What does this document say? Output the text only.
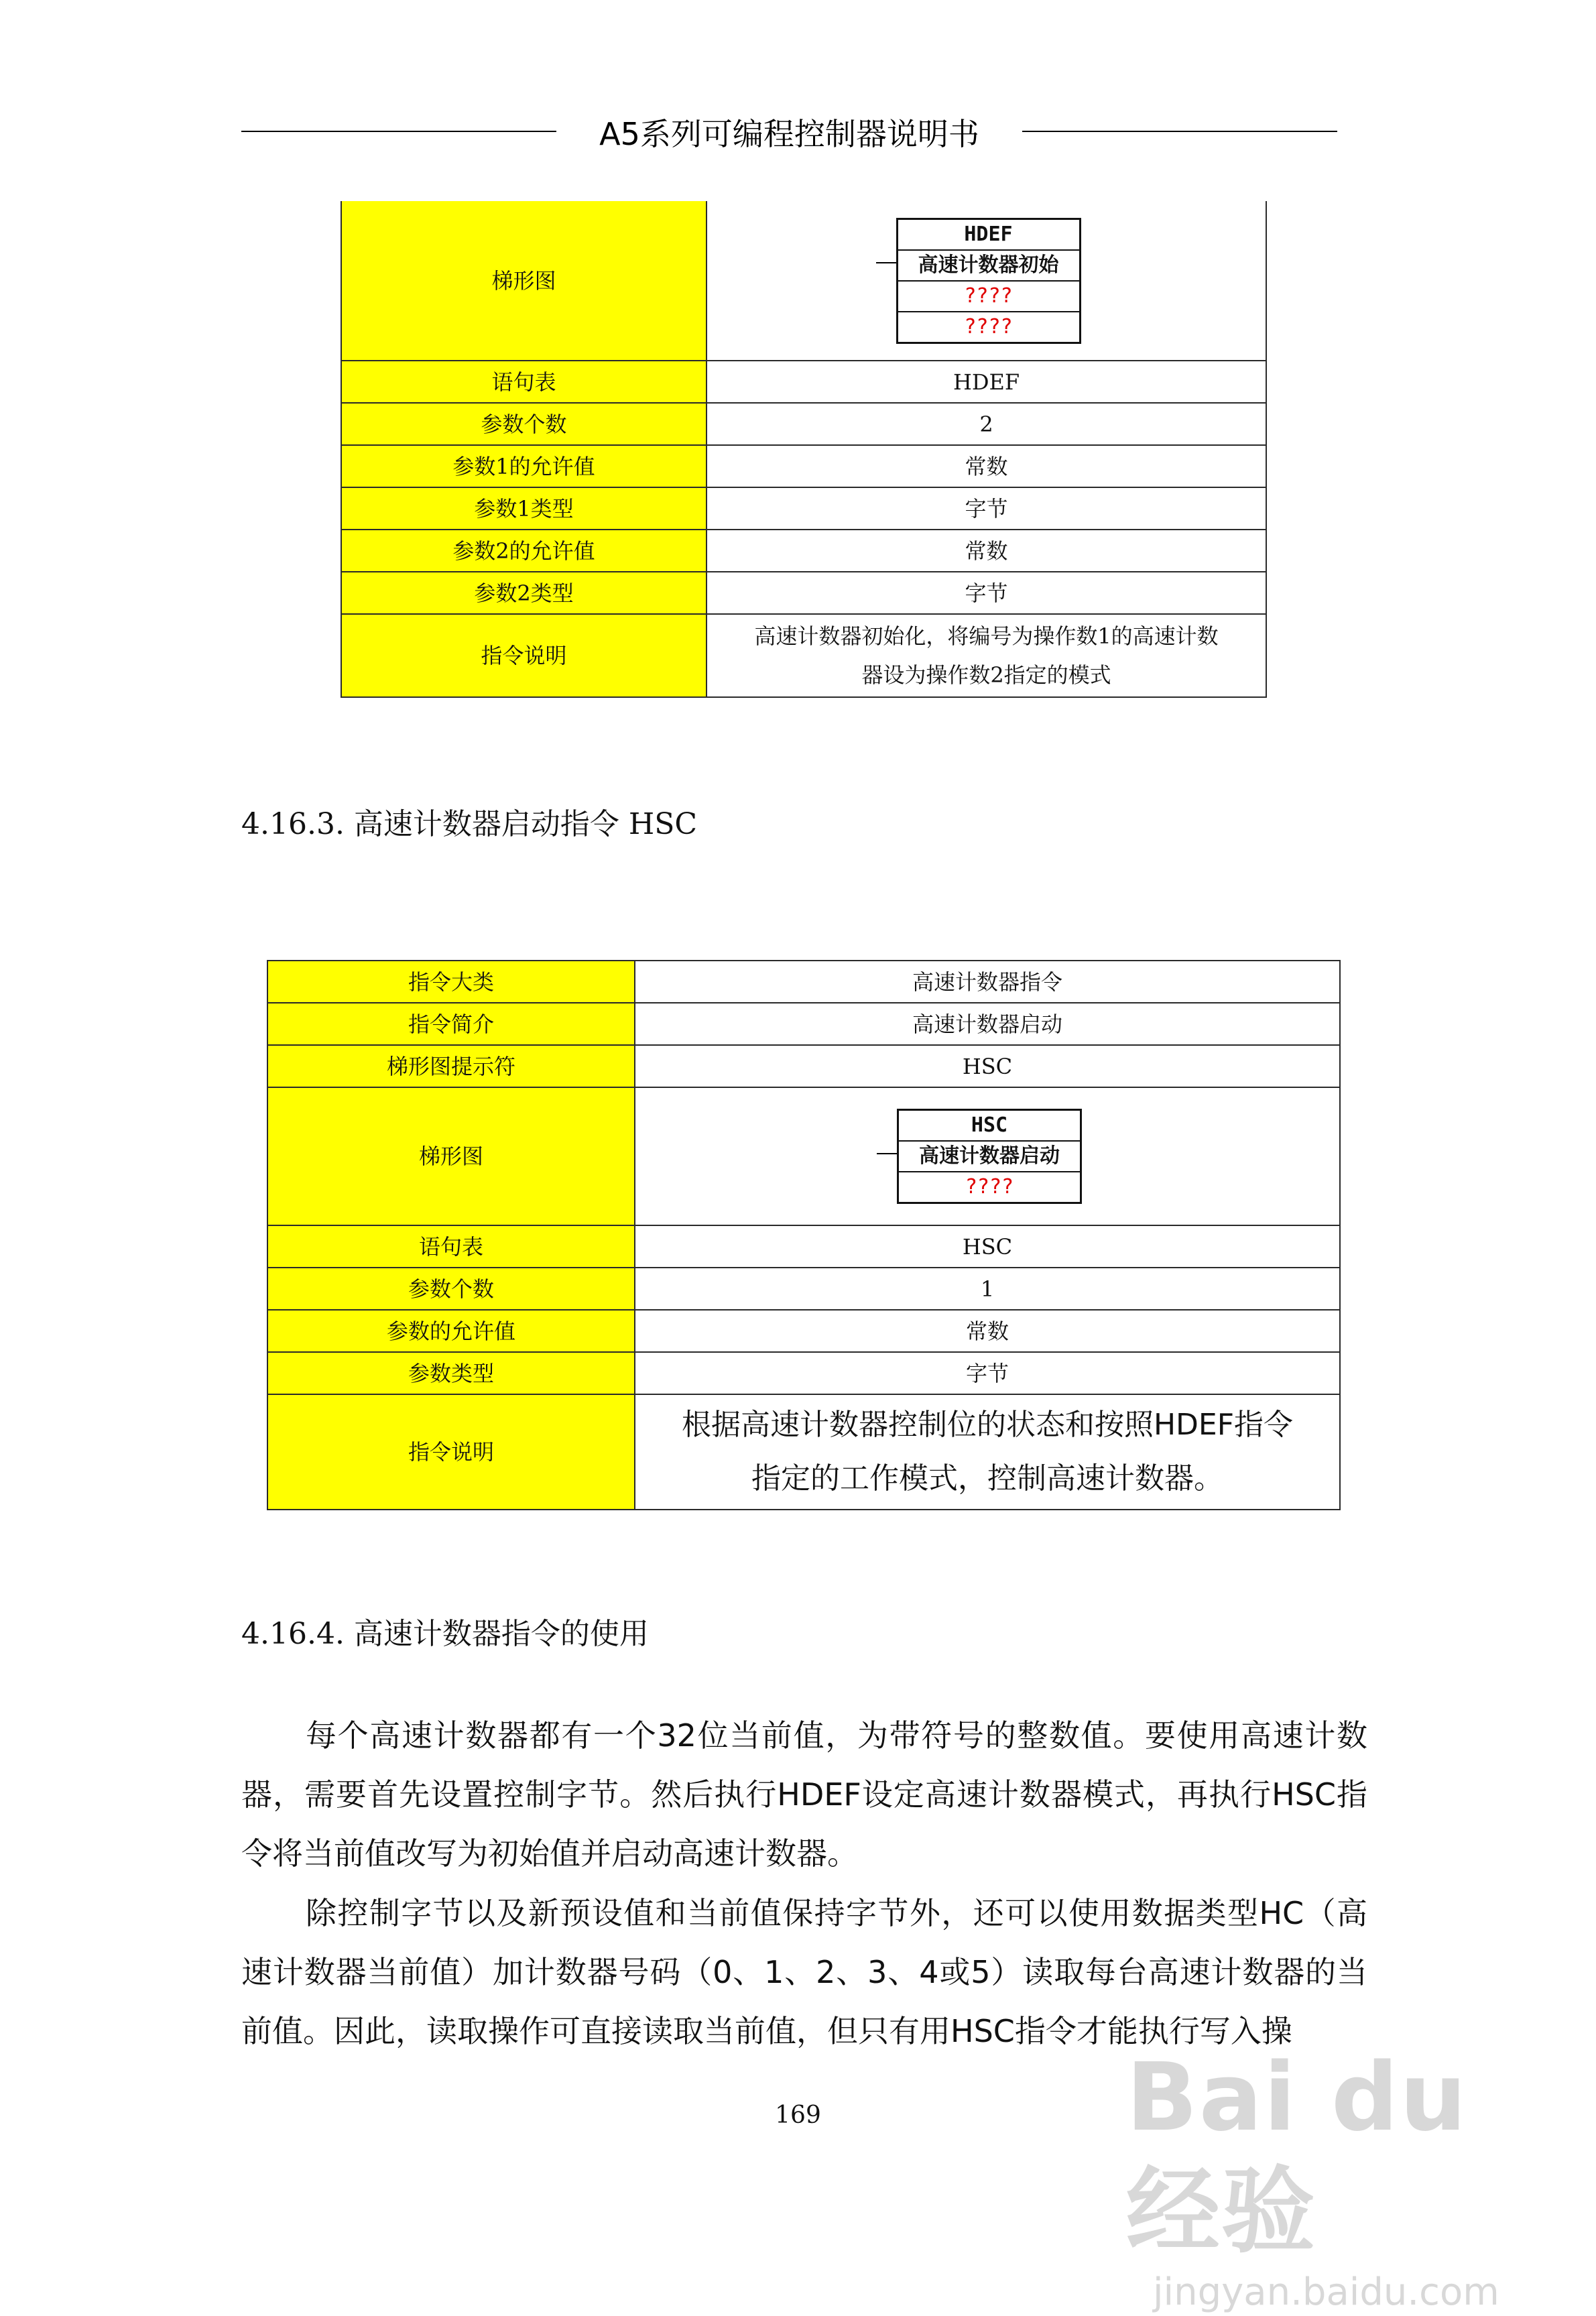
A5系列可编程控制器说明书
梯形图	HDEF
高速计数器初始
????
????

语句表	HDEF
参数个数	2
参数1的允许值	常数
参数1类型	字节
参数2的允许值	常数
参数2类型	字节
指令说明	高速计数器初始化，将编号为操作数1的高速计数
器设为操作数2指定的模式
4.16.3. 高速计数器启动指令 HSC
指令大类	高速计数器指令
指令简介	高速计数器启动
梯形图提示符	HSC
梯形图	HSC
高速计数器启动
????

语句表	HSC
参数个数	1
参数的允许值	常数
参数类型	字节
指令说明	根据高速计数器控制位的状态和按照HDEF指令
指定的工作模式，控制高速计数器。
4.16.4. 高速计数器指令的使用

每个高速计数器都有一个32位当前值，为带符号的整数值。要使用高速计数器，需要首先设置控制字节。然后执行HDEF设定高速计数器模式，再执行HSC指令将当前值改写为初始值并启动高速计数器。

除控制字节以及新预设值和当前值保持字节外，还可以使用数据类型HC（高速计数器当前值）加计数器号码（0、1、2、3、4或5）读取每台高速计数器的当前值。因此，读取操作可直接读取当前值，但只有用HSC指令才能执行写入操

169	Bai du 经验
jingyan.baidu.com
